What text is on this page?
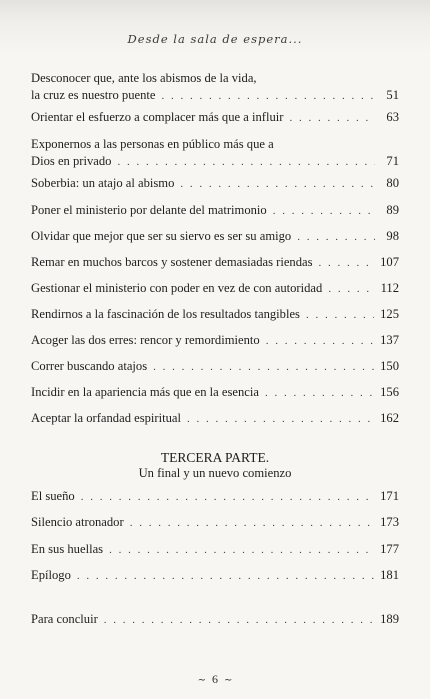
Desde la sala de espera...
Desconocer que, ante los abismos de la vida,
la cruz es nuestro puente . . .	51
Orientar el esfuerzo a complacer más que a influir . . .	63
Exponernos a las personas en público más que a
Dios en privado . . .	71
Soberbia: un atajo al abismo . . .	80
Poner el ministerio por delante del matrimonio . . .	89
Olvidar que mejor que ser su siervo es ser su amigo . . .	98
Remar en muchos barcos y sostener demasiadas riendas . . .	107
Gestionar el ministerio con poder en vez de con autoridad . . .	112
Rendirnos a la fascinación de los resultados tangibles . . .	125
Acoger las dos erres: rencor y remordimiento . . .	137
Correr buscando atajos . . .	150
Incidir en la apariencia más que en la esencia . . .	156
Aceptar la orfandad espiritual . . .	162
TERCERA PARTE.
Un final y un nuevo comienzo
El sueño . . .	171
Silencio atronador . . .	173
En sus huellas . . .	177
Epílogo . . .	181
Para concluir . . .	189
∼ 6 ∼
